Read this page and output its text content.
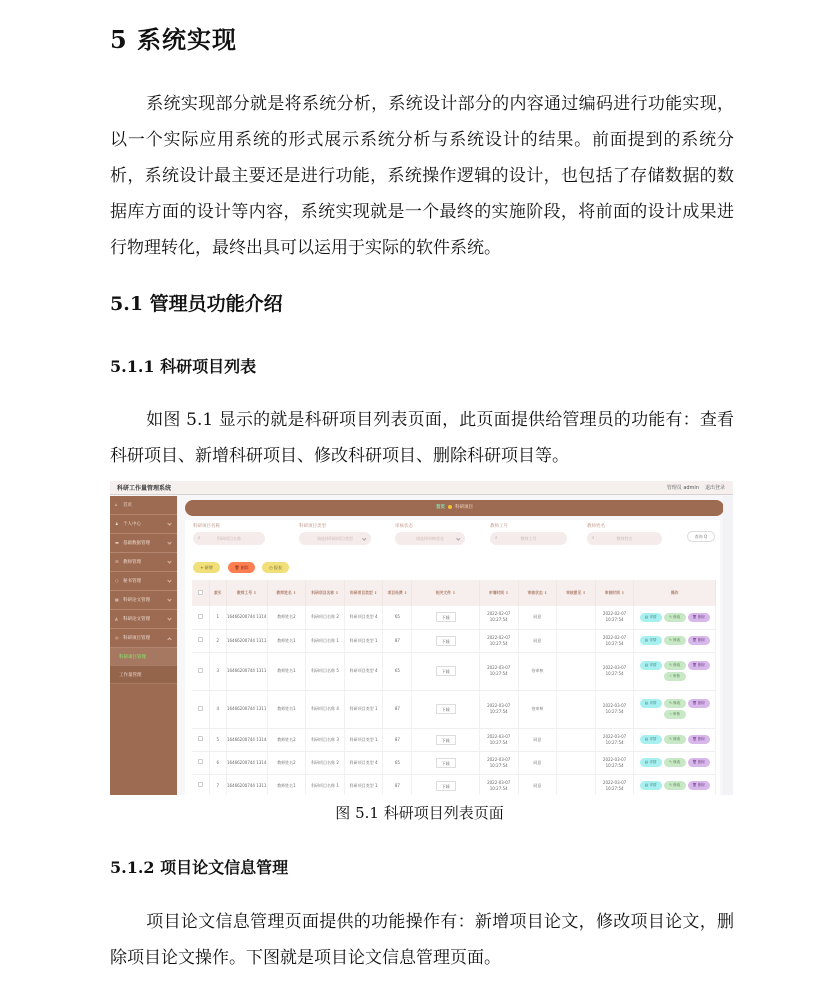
5 系统实现
系统实现部分就是将系统分析，系统设计部分的内容通过编码进行功能实现，以一个实际应用系统的形式展示系统分析与系统设计的结果。前面提到的系统分析，系统设计最主要还是进行功能，系统操作逻辑的设计，也包括了存储数据的数据库方面的设计等内容，系统实现就是一个最终的实施阶段，将前面的设计成果进行物理转化，最终出具可以运用于实际的软件系统。
5.1 管理员功能介绍
5.1.1 科研项目列表
如图 5.1 显示的就是科研项目列表页面，此页面提供给管理员的功能有：查看科研项目、新增科研项目、修改科研项目、删除科研项目等。
科研工作量管理系统	管理员 admin 退出登录
⌂	首页
♟ 个人中心
▬ 基础数据管理
☰ 教师管理
○	秘书管理
▦ 科研论文管理
◭	科研论文管理
◎	科研项目管理
科研项目管理
工作量管理
首页 科研项目
科研项目名称
⌕	科研项目名称
科研项目类型
请选择科研项目类型
审核状态
请选择审核状态
教师工号
⌕	教师工号
教师姓名
⌕	教师姓名	查询 Q
+ 新增	🗑 删除	◷ 报表
	索引	教师工号 ⇕	教师姓名 ⇕	科研项目名称 ⇕	科研项目类型 ⇕	项目经费 ⇕	相关文件 ⇕	申请时间 ⇕	审核状态 ⇕	审核意见 ⇕	审核时间 ⇕	操作
	1	16466200744 1314	教师姓名2	科研项目名称 2	科研项目类型 4	65	下载	2022-02-07 10:27:54	同意		2022-02-07 10:27:54	▤ 详情 ✎ 修改 🗑 删除
	2	16466200744 1311	教师姓名1	科研项目名称 1	科研项目类型 1	87	下载	2022-02-07 10:27:54	同意		2022-02-07 10:27:54	▤ 详情 ✎ 修改 🗑 删除
	3	16466200744 1311	教师姓名1	科研项目名称 5	科研项目类型 4	65	下载	2022-03-07 10:27:54	待审核		2022-03-07 10:27:54	▤ 详情 ✎ 修改 🗑 删除
☝ 审核
	4	16466200744 1311	教师姓名1	科研项目名称 4	科研项目类型 1	87	下载	2022-03-07 10:27:54	待审核		2022-03-07 10:27:54	▤ 详情 ✎ 修改 🗑 删除
☝ 审核
	5	16466200744 1314	教师姓名2	科研项目名称 3	科研项目类型 1	87	下载	2022-03-07 10:27:54	同意		2022-03-07 10:27:54	▤ 详情 ✎ 修改 🗑 删除
	6	16466200744 1314	教师姓名2	科研项目名称 2	科研项目类型 4	65	下载	2022-03-07 10:27:54	同意		2022-03-07 10:27:54	▤ 详情 ✎ 修改 🗑 删除
	7	16466200744 1311	教师姓名1	科研项目名称 1	科研项目类型 1	87	下载	2022-03-07 10:27:54	同意		2022-03-07 10:27:54	▤ 详情 ✎ 修改 🗑 删除
图 5.1 科研项目列表页面
5.1.2 项目论文信息管理
项目论文信息管理页面提供的功能操作有：新增项目论文，修改项目论文，删除项目论文操作。下图就是项目论文信息管理页面。
